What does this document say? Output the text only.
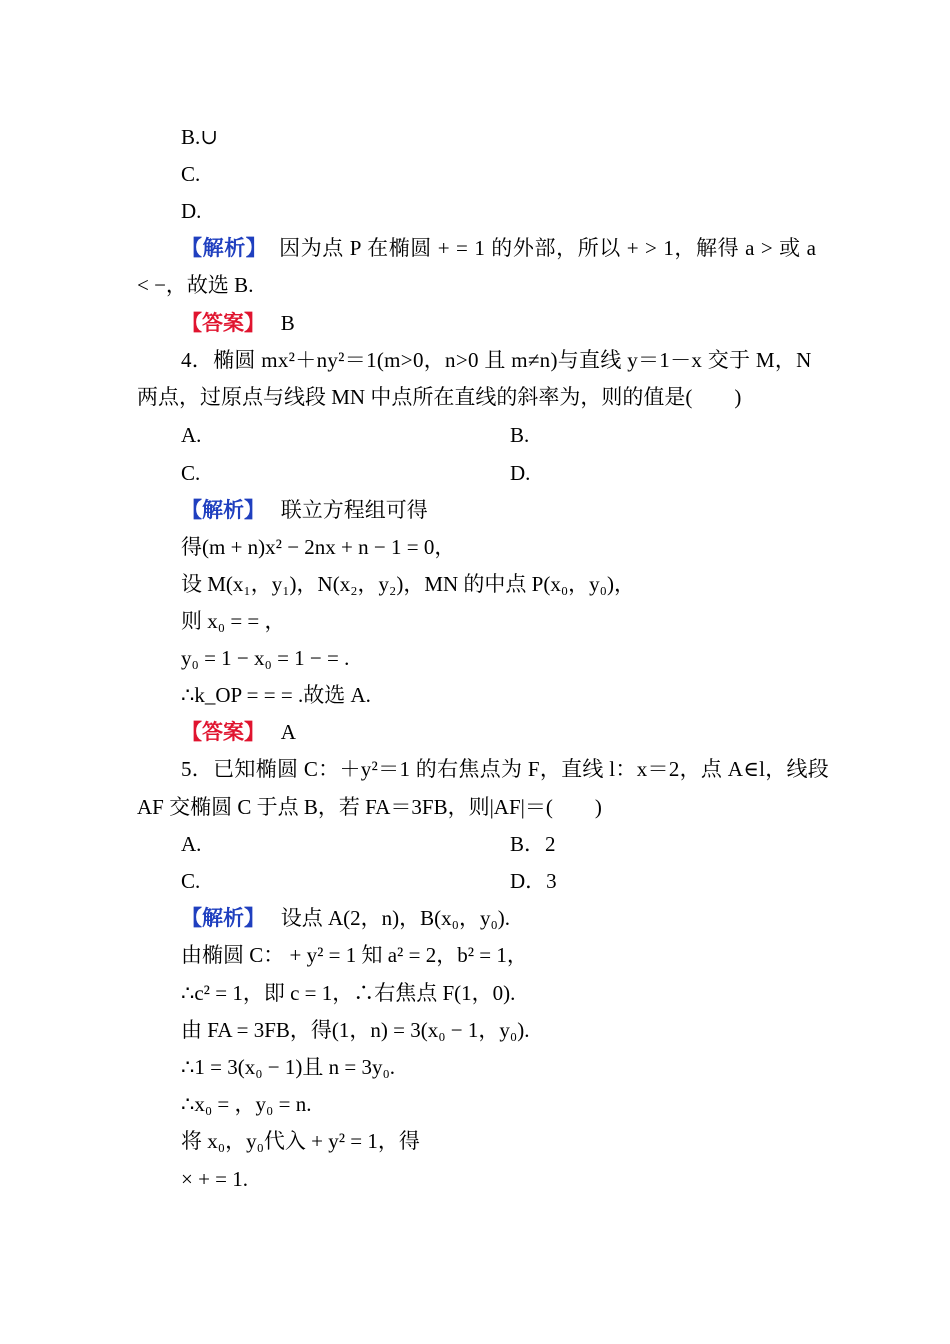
B.∪
C.
D.
【解析】 因为点 P 在椭圆 + = 1 的外部，所以 + > 1，解得 a > 或 a
< −，故选 B.
【答案】 B
4．椭圆 mx²＋ny²＝1(m>0，n>0 且 m≠n)与直线 y＝1－x 交于 M，N
两点，过原点与线段 MN 中点所在直线的斜率为，则的值是(　　)
A.	B.
C.	D.
【解析】 联立方程组可得
得(m + n)x² − 2nx + n − 1 = 0，
设 M(x₁，y₁)，N(x₂，y₂)，MN 的中点 P(x₀，y₀)，
则 x₀ = = ，
y₀ = 1 − x₀ = 1 − = .
∴k_OP = = = .故选 A.
【答案】 A
5．已知椭圆 C：＋y²＝1 的右焦点为 F，直线 l：x＝2，点 A∈l，线段
AF 交椭圆 C 于点 B，若 FA＝3FB，则|AF|＝(　　)
A.	B．2
C.	D．3
【解析】 设点 A(2，n)，B(x₀，y₀).
由椭圆 C： + y² = 1 知 a² = 2，b² = 1，
∴c² = 1，即 c = 1，∴右焦点 F(1，0).
由 FA = 3FB，得(1，n) = 3(x₀ − 1，y₀).
∴1 = 3(x₀ − 1)且 n = 3y₀.
∴x₀ = ，y₀ = n.
将 x₀，y₀代入 + y² = 1，得
× + = 1.
